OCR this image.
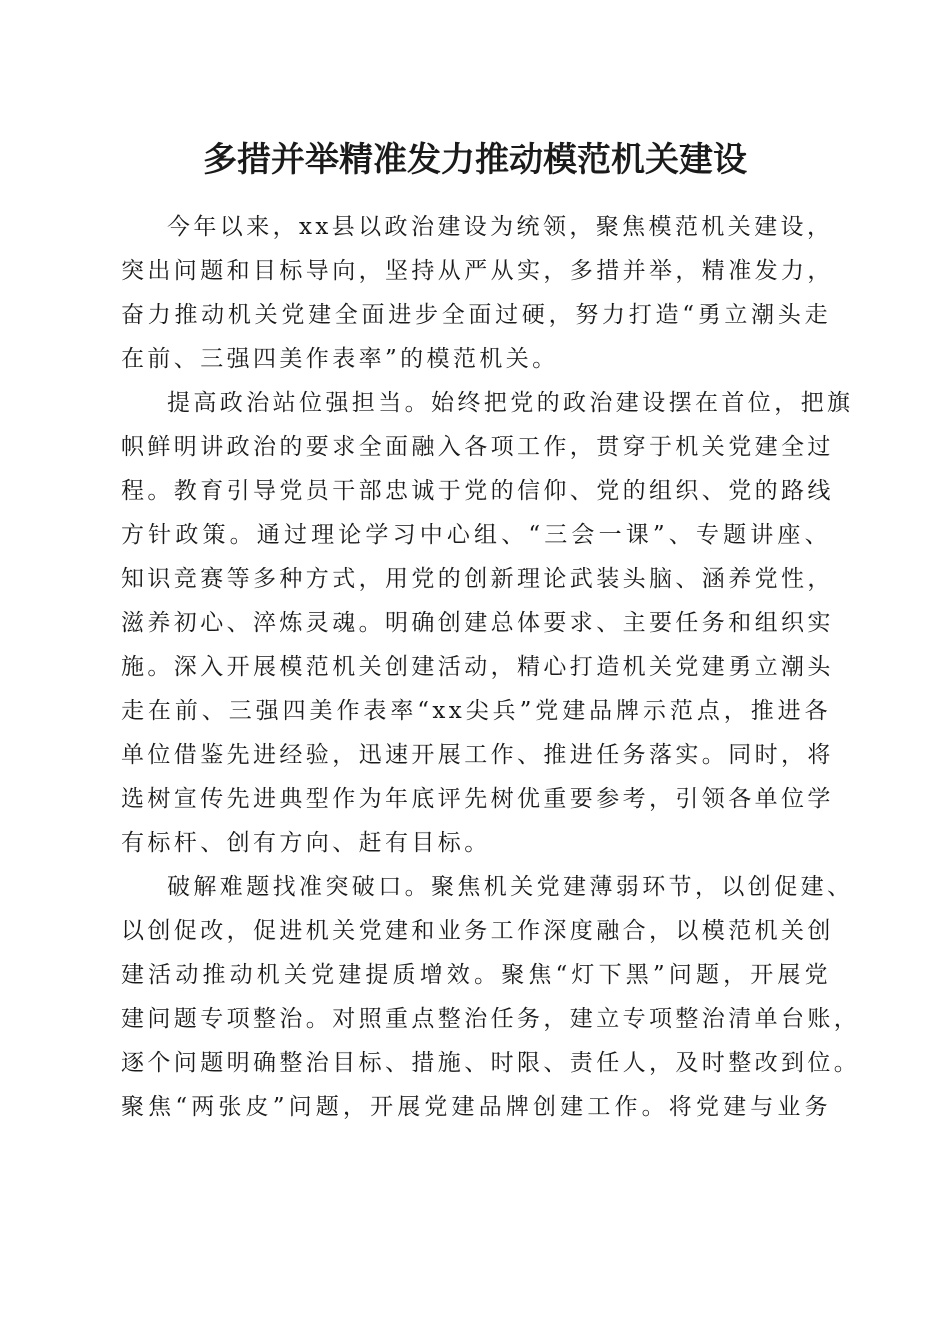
多措并举精准发力推动模范机关建设
今年以来，xx县以政治建设为统领，聚焦模范机关建设，
突出问题和目标导向，坚持从严从实，多措并举，精准发力，
奋力推动机关党建全面进步全面过硬，努力打造“勇立潮头走
在前、三强四美作表率”的模范机关。
提高政治站位强担当。始终把党的政治建设摆在首位，把旗
帜鲜明讲政治的要求全面融入各项工作，贯穿于机关党建全过
程。教育引导党员干部忠诚于党的信仰、党的组织、党的路线
方针政策。通过理论学习中心组、“三会一课”、专题讲座、
知识竞赛等多种方式，用党的创新理论武装头脑、涵养党性，
滋养初心、淬炼灵魂。明确创建总体要求、主要任务和组织实
施。深入开展模范机关创建活动，精心打造机关党建勇立潮头
走在前、三强四美作表率“xx尖兵”党建品牌示范点，推进各
单位借鉴先进经验，迅速开展工作、推进任务落实。同时，将
选树宣传先进典型作为年底评先树优重要参考，引领各单位学
有标杆、创有方向、赶有目标。
破解难题找准突破口。聚焦机关党建薄弱环节，以创促建、
以创促改，促进机关党建和业务工作深度融合，以模范机关创
建活动推动机关党建提质增效。聚焦“灯下黑”问题，开展党
建问题专项整治。对照重点整治任务，建立专项整治清单台账，
逐个问题明确整治目标、措施、时限、责任人，及时整改到位。
聚焦“两张皮”问题，开展党建品牌创建工作。将党建与业务
